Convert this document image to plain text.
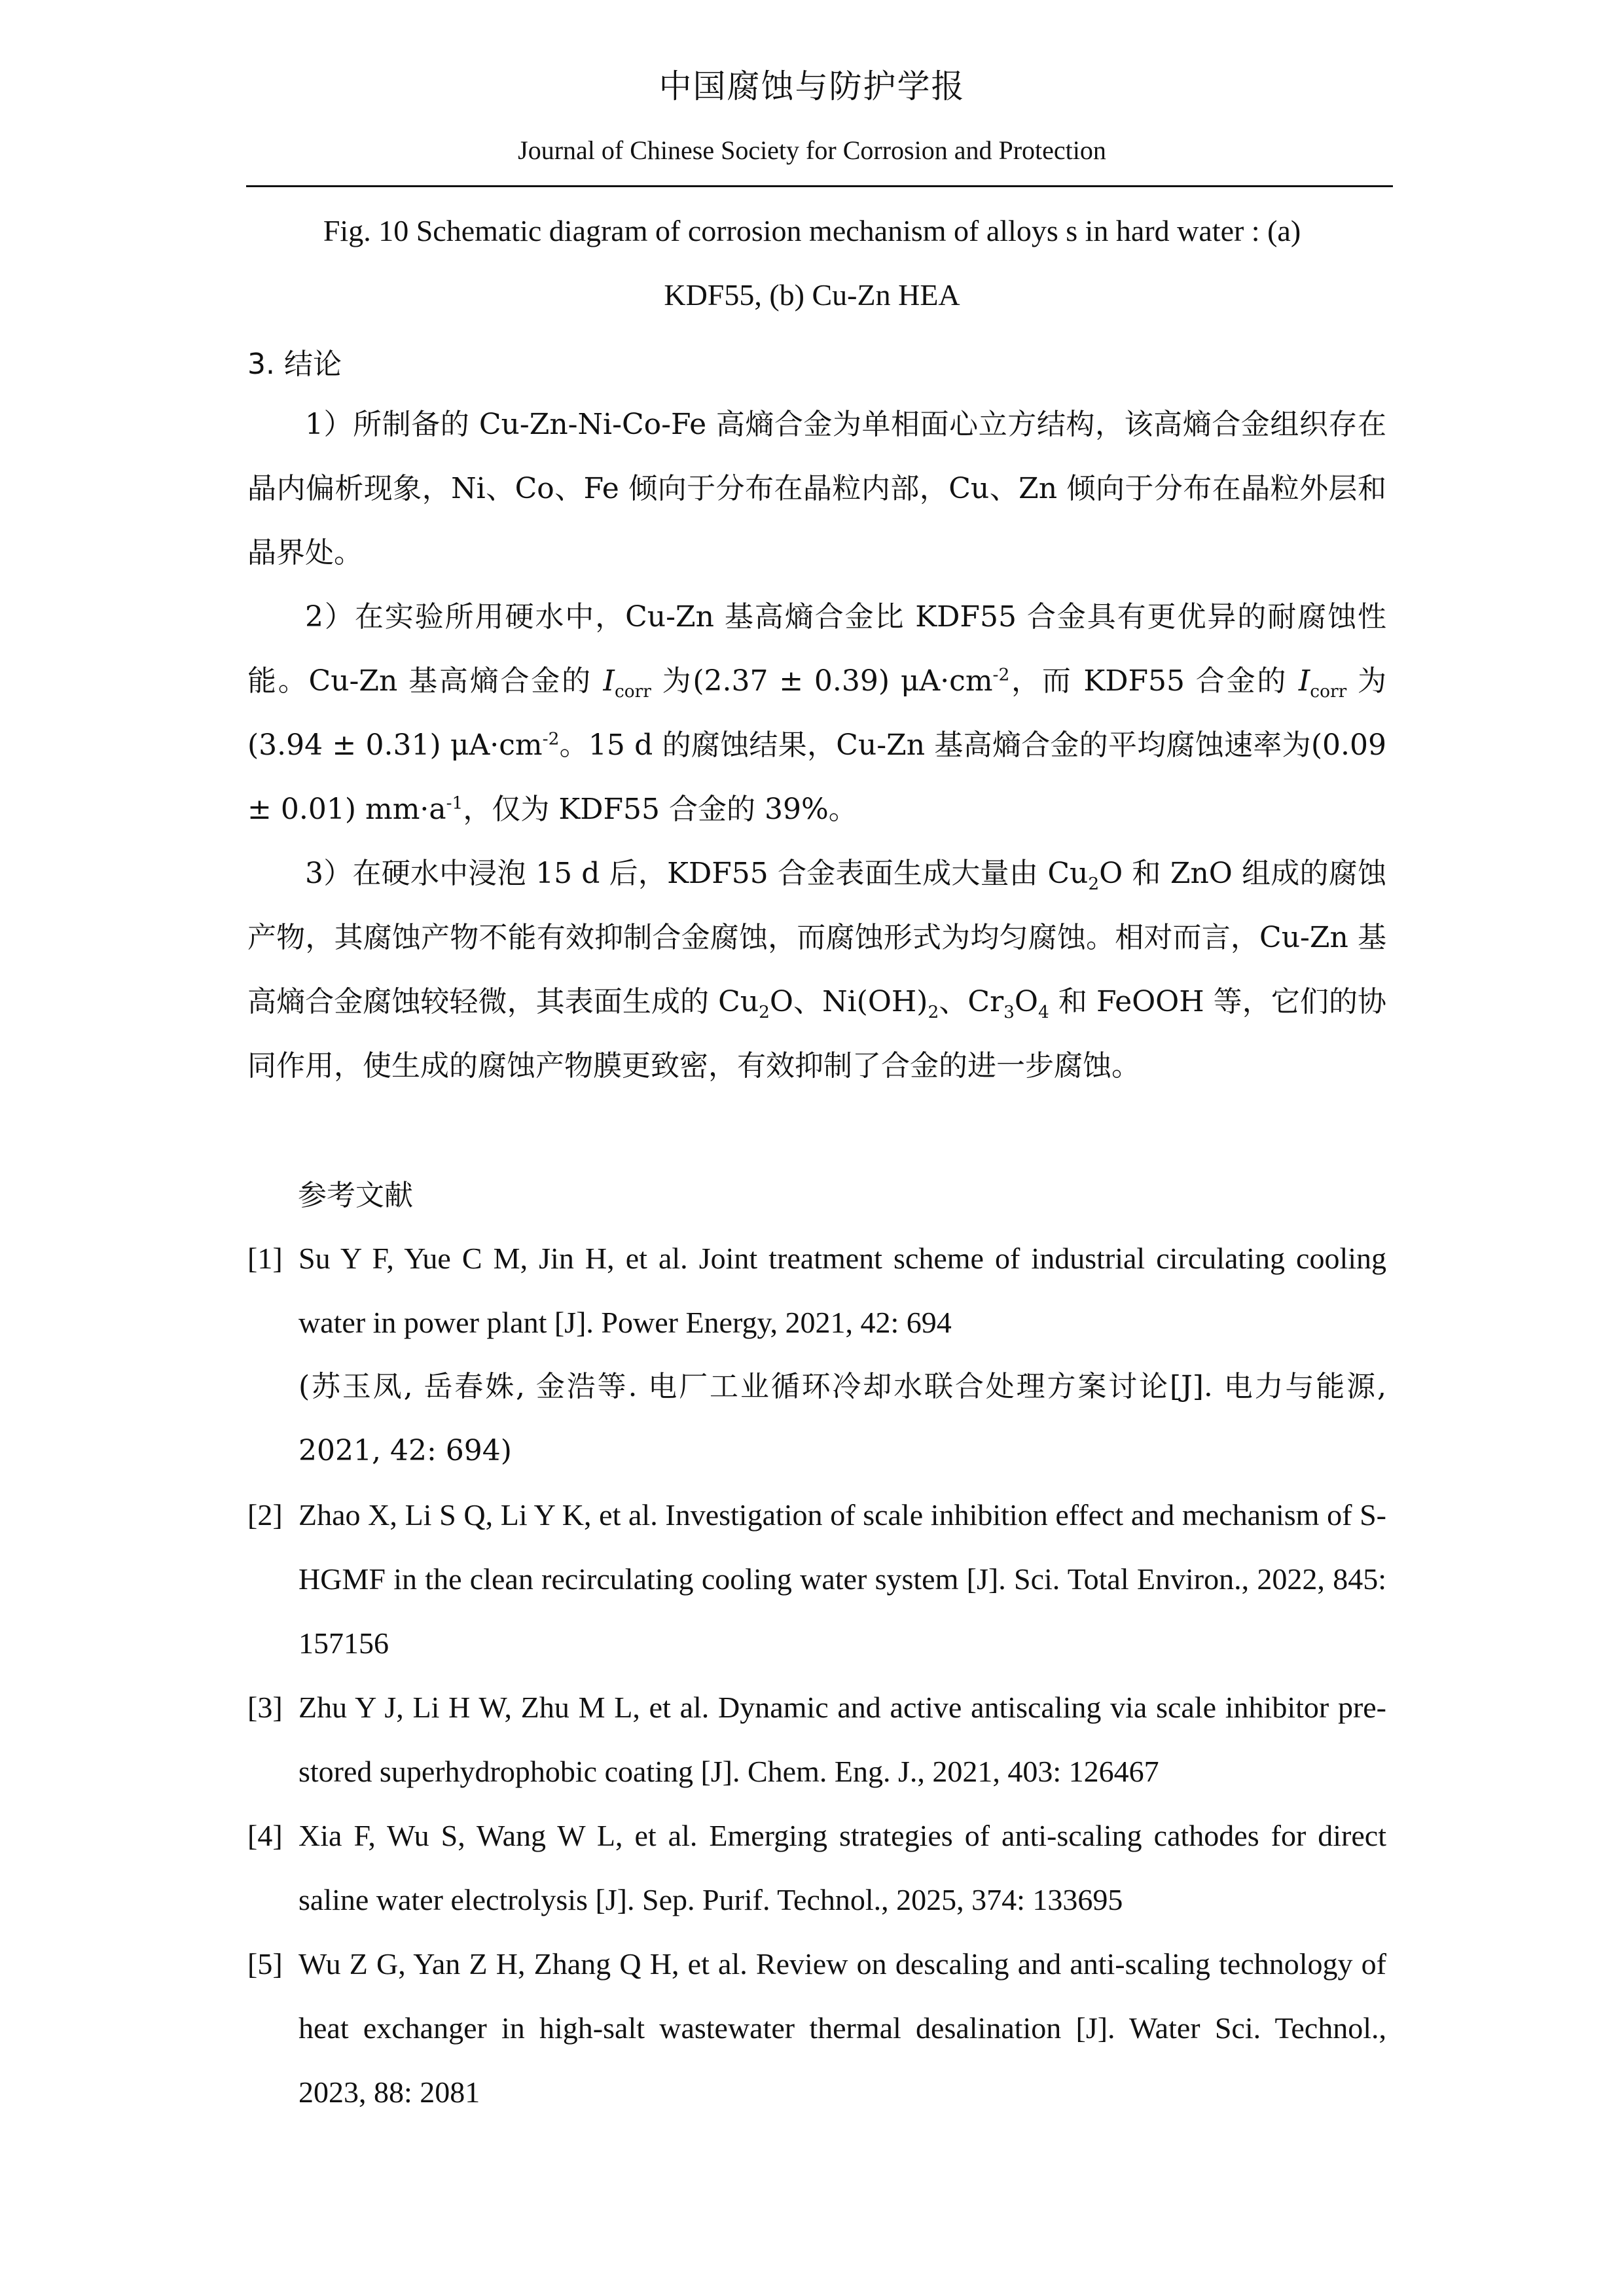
中国腐蚀与防护学报
Journal of Chinese Society for Corrosion and Protection
Fig. 10 Schematic diagram of corrosion mechanism of alloys s in hard water : (a)
KDF55, (b) Cu-Zn HEA
3. 结论

1）所制备的 Cu-Zn-Ni-Co-Fe 高熵合金为单相面心立方结构，该高熵合金组织存在晶内偏析现象，Ni、Co、Fe 倾向于分布在晶粒内部，Cu、Zn 倾向于分布在晶粒外层和晶界处。

2）在实验所用硬水中，Cu-Zn 基高熵合金比 KDF55 合金具有更优异的耐腐蚀性能。Cu-Zn 基高熵合金的 $I_{corr}$ 为(2.37 ± 0.39) $\mu A\cdot cm^{-2}$，而 KDF55 合金的 $I_{corr}$ 为(3.94 ± 0.31) $\mu A\cdot cm^{-2}$。15 d 的腐蚀结果，Cu-Zn 基高熵合金的平均腐蚀速率为(0.09 ± 0.01) $mm\cdot a^{-1}$，仅为 KDF55 合金的 39%。

3）在硬水中浸泡 15 d 后，KDF55 合金表面生成大量由 $Cu_2O$ 和 ZnO 组成的腐蚀产物，其腐蚀产物不能有效抑制合金腐蚀，而腐蚀形式为均匀腐蚀。相对而言，Cu-Zn 基高熵合金腐蚀较轻微，其表面生成的 $Cu_2O$、$Ni(OH)_2$、$Cr_3O_4$ 和 FeOOH 等，它们的协同作用，使生成的腐蚀产物膜更致密，有效抑制了合金的进一步腐蚀。

参考文献
[1] Su Y F, Yue C M, Jin H, et al. Joint treatment scheme of industrial circulating cooling water in power plant [J]. Power Energy, 2021, 42: 694
(苏玉凤, 岳春姝, 金浩等. 电厂工业循环冷却水联合处理方案讨论[J]. 电力与能源, 2021, 42: 694)
[2] Zhao X, Li S Q, Li Y K, et al. Investigation of scale inhibition effect and mechanism of S-HGMF in the clean recirculating cooling water system [J]. Sci. Total Environ., 2022, 845: 157156
[3] Zhu Y J, Li H W, Zhu M L, et al. Dynamic and active antiscaling via scale inhibitor pre-stored superhydrophobic coating [J]. Chem. Eng. J., 2021, 403: 126467
[4] Xia F, Wu S, Wang W L, et al. Emerging strategies of anti-scaling cathodes for direct saline water electrolysis [J]. Sep. Purif. Technol., 2025, 374: 133695
[5] Wu Z G, Yan Z H, Zhang Q H, et al. Review on descaling and anti-scaling technology of heat exchanger in high-salt wastewater thermal desalination [J]. Water Sci. Technol., 2023, 88: 2081
